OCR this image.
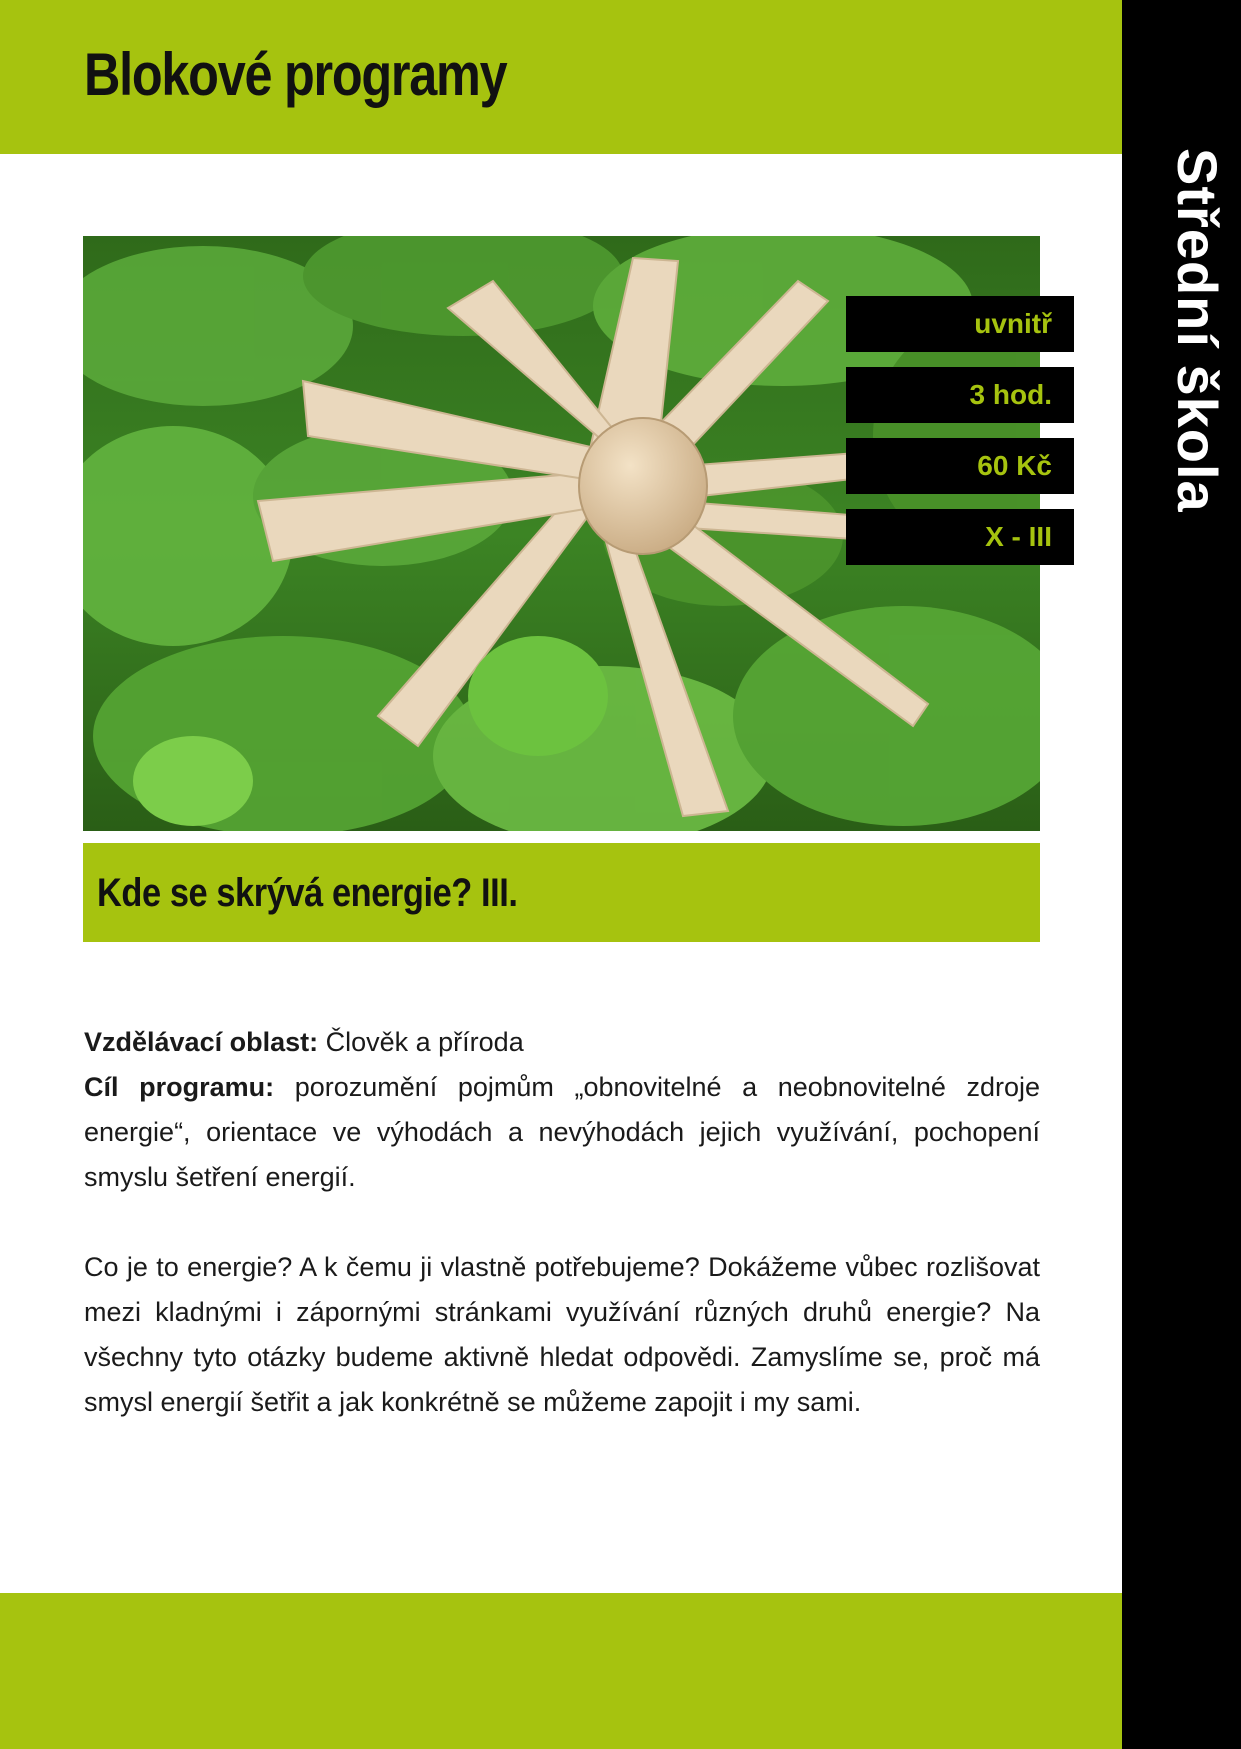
Blokové programy
Střední škola
uvnitř
3 hod.
60 Kč
X - III
Kde se skrývá energie? III.

Vzdělávací oblast: Člověk a příroda

Cíl programu: porozumění pojmům „obnovitelné a neobnovitelné zdroje energie“, orientace ve výhodách a nevýhodách jejich využívání, pochopení smyslu šetření energií.

Co je to energie? A k čemu ji vlastně potřebujeme? Dokážeme vůbec rozlišovat mezi kladnými i zápornými stránkami využívání různých druhů energie? Na všechny tyto otázky budeme aktivně hledat odpovědi. Zamyslíme se, proč má smysl energií šetřit a jak konkrétně se můžeme zapojit i my sami.
